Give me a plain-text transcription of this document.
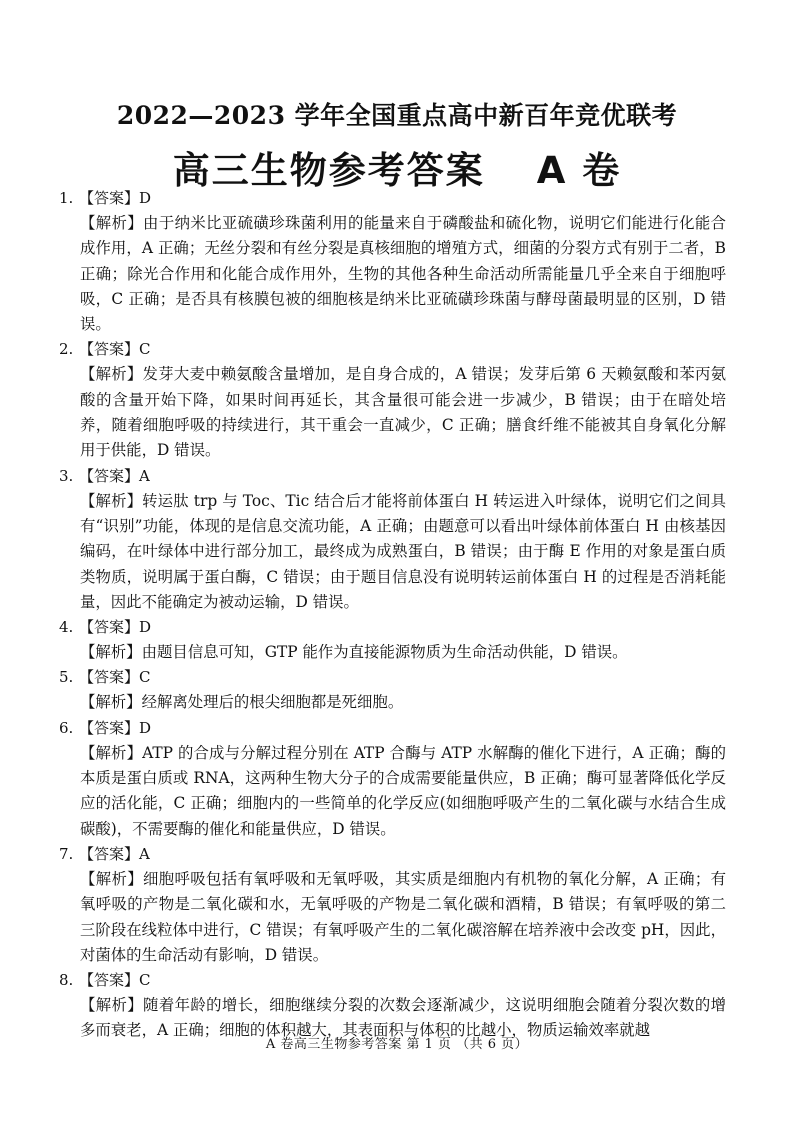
2022—2023 学年全国重点高中新百年竞优联考
高三生物参考答案 A 卷
1. 【答案】D
【解析】由于纳米比亚硫磺珍珠菌利用的能量来自于磷酸盐和硫化物，说明它们能进行化能合成作用，A 正确；无丝分裂和有丝分裂是真核细胞的增殖方式，细菌的分裂方式有别于二者，B 正确；除光合作用和化能合成作用外，生物的其他各种生命活动所需能量几乎全来自于细胞呼吸，C 正确；是否具有核膜包被的细胞核是纳米比亚硫磺珍珠菌与酵母菌最明显的区别，D 错误。
2. 【答案】C
【解析】发芽大麦中赖氨酸含量增加，是自身合成的，A 错误；发芽后第 6 天赖氨酸和苯丙氨酸的含量开始下降，如果时间再延长，其含量很可能会进一步减少，B 错误；由于在暗处培养，随着细胞呼吸的持续进行，其干重会一直减少，C 正确；膳食纤维不能被其自身氧化分解用于供能，D 错误。
3. 【答案】A
【解析】转运肽 trp 与 Toc、Tic 结合后才能将前体蛋白 H 转运进入叶绿体，说明它们之间具有“识别”功能，体现的是信息交流功能，A 正确；由题意可以看出叶绿体前体蛋白 H 由核基因编码，在叶绿体中进行部分加工，最终成为成熟蛋白，B 错误；由于酶 E 作用的对象是蛋白质类物质，说明属于蛋白酶，C 错误；由于题目信息没有说明转运前体蛋白 H 的过程是否消耗能量，因此不能确定为被动运输，D 错误。
4. 【答案】D
【解析】由题目信息可知，GTP 能作为直接能源物质为生命活动供能，D 错误。
5. 【答案】C
【解析】经解离处理后的根尖细胞都是死细胞。
6. 【答案】D
【解析】ATP 的合成与分解过程分别在 ATP 合酶与 ATP 水解酶的催化下进行，A 正确；酶的本质是蛋白质或 RNA，这两种生物大分子的合成需要能量供应，B 正确；酶可显著降低化学反应的活化能，C 正确；细胞内的一些简单的化学反应(如细胞呼吸产生的二氧化碳与水结合生成碳酸)，不需要酶的催化和能量供应，D 错误。
7. 【答案】A
【解析】细胞呼吸包括有氧呼吸和无氧呼吸，其实质是细胞内有机物的氧化分解，A 正确；有氧呼吸的产物是二氧化碳和水，无氧呼吸的产物是二氧化碳和酒精，B 错误；有氧呼吸的第二三阶段在线粒体中进行，C 错误；有氧呼吸产生的二氧化碳溶解在培养液中会改变 pH，因此，对菌体的生命活动有影响，D 错误。
8. 【答案】C
【解析】随着年龄的增长，细胞继续分裂的次数会逐渐减少，这说明细胞会随着分裂次数的增多而衰老，A 正确；细胞的体积越大，其表面积与体积的比越小，物质运输效率就越
A 卷高三生物参考答案 第 1 页 （共 6 页）
